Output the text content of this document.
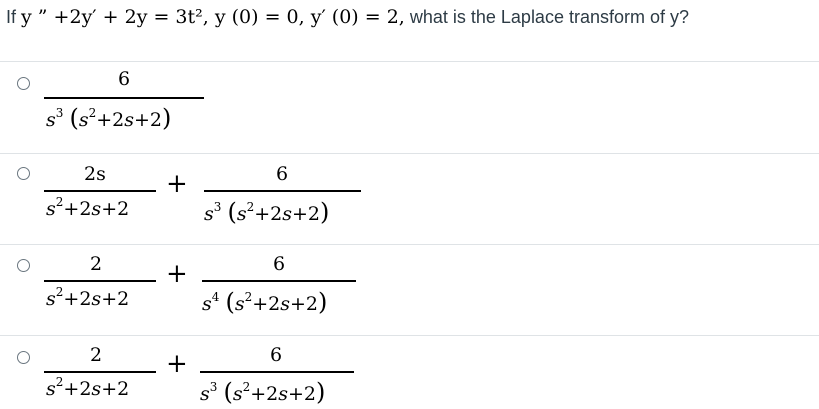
If y ” +2y′ + 2y = 3t², y (0) = 0, y′ (0) = 2, what is the Laplace transform of y?
6
$s^3$ $(s^2+2s+2)$
2s
$s^2+2s+2$
+	6
$s^3$ $(s^2+2s+2)$
2
$s^2+2s+2$
+	6
$s^4$ $(s^2+2s+2)$
2
$s^2+2s+2$
+	6
$s^3$ $(s^2+2s+2)$
